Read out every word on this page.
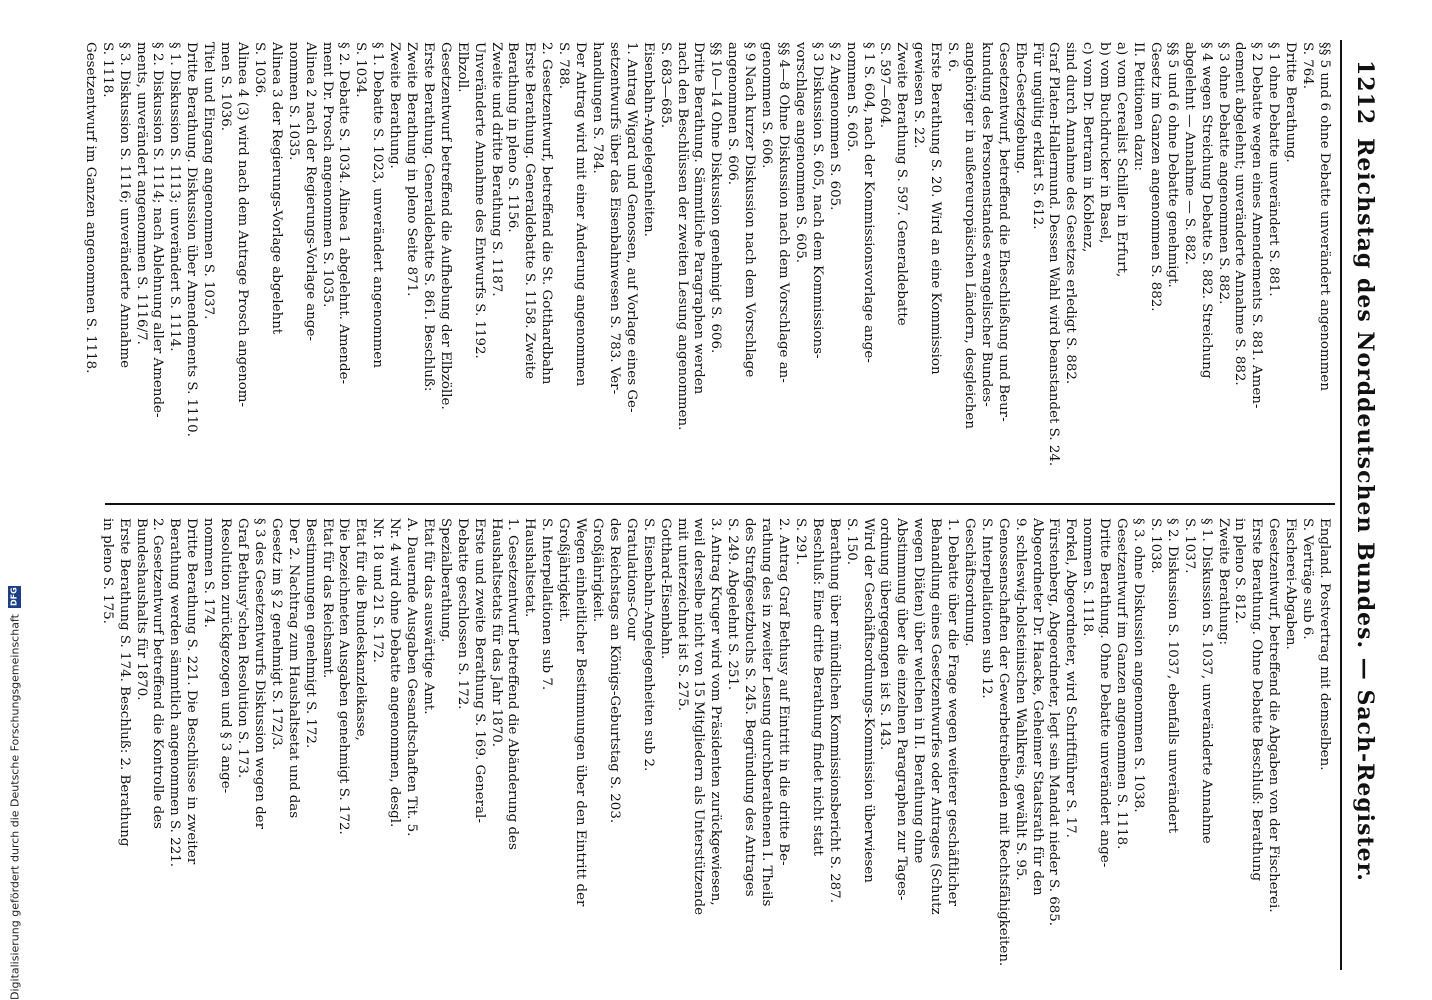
1212
Reichstag des Norddeutschen Bundes. — Sach-Register.
§§ 5 und 6 ohne Debatte unverändert angenommen
S. 764.
Dritte Berathung.
§ 1 ohne Debatte unverändert S. 881.
§ 2 Debatte wegen eines Amendements S. 881. Amen-
dement abgelehnt; unveränderte Annahme S. 882.
§ 3 ohne Debatte angenommen S. 882.
§ 4 wegen Streichung Debatte S. 882. Streichung
abgelehnt — Annahme — S. 882.
§§ 5 und 6 ohne Debatte genehmigt.
Gesetz im Ganzen angenommen S. 882.
II. Petitionen dazu:
a) vom Cerealist Schiller in Erfurt,
b) vom Buchdrucker in Basel,
c) vom Dr. Bertram in Koblenz,
sind durch Annahme des Gesetzes erledigt S. 882.
Graf Platen-Hallermund. Dessen Wahl wird beanstandet S. 24.
Für ungültig erklärt S. 612.
Ehe-Gesetzgebung.
Gesetzentwurf, betreffend die Eheschließung und Beur-
kundung des Personenstandes evangelischer Bundes-
angehöriger in außereuropäischen Ländern, desgleichen
S. 6.
Erste Berathung S. 20. Wird an eine Kommission
gewiesen S. 22.
Zweite Berathung S. 597. Generaldebatte
S. 597—604.
§ 1 S. 604, nach der Kommissionsvorlage ange-
nommen S. 605.
§ 2 Angenommen S. 605.
§ 3 Diskussion S. 605, nach dem Kommissions-
vorschlage angenommen S. 605.
§§ 4—8 Ohne Diskussion nach dem Vorschlage an-
genommen S. 606.
§ 9 Nach kurzer Diskussion nach dem Vorschlage
angenommen S. 606.
§§ 10—14 Ohne Diskussion genehmigt S. 606.
Dritte Berathung. Sämmtliche Paragraphen werden
nach den Beschlüssen der zweiten Lesung angenommen.
S. 683—685.
Eisenbahn-Angelegenheiten.
1. Antrag Wigard und Genossen, auf Vorlage eines Ge-
setzentwurfs über das Eisenbahnwesen S. 783. Ver-
handlungen S. 784.
Der Antrag wird mit einer Änderung angenommen
S. 788.
2. Gesetzentwurf, betreffend die St. Gotthardbahn
Erste Berathung. Generaldebatte S. 1158. Zweite
Berathung in pleno S. 1156.
Zweite und dritte Berathung S. 1187.
Unveränderte Annahme des Entwurfs S. 1192.
Elbzoll.
Gesetzentwurf betreffend die Aufhebung der Elbzölle.
Erste Berathung. Generaldebatte S. 861. Beschluß:
Zweite Berathung in pleno Seite 871.
Zweite Berathung.
§ 1. Debatte S. 1023, unverändert angenommen
S. 1034.
§ 2. Debatte S. 1034. Alinea 1 abgelehnt. Amende-
ment Dr. Prosch angenommen S. 1035.
Alinea 2 nach der Regierungs-Vorlage ange-
nommen S. 1035.
Alinea 3 der Regierungs-Vorlage abgelehnt
S. 1036.
Alinea 4 (3) wird nach dem Antrage Prosch angenom-
men S. 1036.
Titel und Eingang angenommen S. 1037.
Dritte Berathung. Diskussion über Amendements S. 1110.
§ 1. Diskussion S. 1113; unverändert S. 1114.
§ 2. Diskussion S. 1114; nach Ablehnung aller Amende-
ments, unverändert angenommen S. 1116/7.
§ 3. Diskussion S. 1116; unveränderte Annahme
S. 1118.
Gesetzentwurf im Ganzen angenommen S. 1118.
England. Postvertrag mit demselben.
S. Verträge sub 6.
Fischerei-Abgaben.
Gesetzentwurf, betreffend die Abgaben von der Fischerei.
Erste Berathung. Ohne Debatte Beschluß: Berathung
in pleno S. 812.
Zweite Berathung:
§ 1. Diskussion S. 1037, unveränderte Annahme
S. 1037.
§ 2. Diskussion S. 1037, ebenfalls unverändert
S. 1038.
§ 3. ohne Diskussion angenommen S. 1038.
Gesetzentwurf im Ganzen angenommen S. 1118.
Dritte Berathung. Ohne Debatte unverändert ange-
nommen S. 1118.
Forkel, Abgeordneter, wird Schriftführer S. 17.
Fürstenberg, Abgeordneter, legt sein Mandat nieder S. 685.
Abgeordneter Dr. Haacke, Geheimer Staatsrath für den
9. schleswig-holsteinischen Wahlkreis, gewählt S. 95.
Genossenschaften der Gewerbetreibenden mit Rechtsfähigkeiten.
S. Interpellationen sub 12.
Geschäftsordnung.
1. Debatte über die Frage wegen weiterer geschäftlicher
Behandlung eines Gesetzentwurfes oder Antrages (Schutz
wegen Diäten) über welchen in II. Berathung ohne
Abstimmung über die einzelnen Paragraphen zur Tages-
ordnung übergegangen ist S. 143.
Wird der Geschäftsordnungs-Kommission überwiesen
S. 150.
Berathung über mündlichen Kommissionsbericht S. 287.
Beschluß: Eine dritte Berathung findet nicht statt
S. 291.
2. Antrag Graf Bethusy auf Eintritt in die dritte Be-
rathung des in zweiter Lesung durchberathenen I. Theils
des Strafgesetzbuchs S. 245. Begründung des Antrages
S. 249. Abgelehnt S. 251.
3. Antrag Kruger wird vom Präsidenten zurückgewiesen,
weil derselbe nicht von 15 Mitgliedern als Unterstützende
mit unterzeichnet ist S. 275.
Gotthard-Eisenbahn.
S. Eisenbahn-Angelegenheiten sub 2.
Gratulations-Cour
des Reichstags an Königs-Geburtstag S. 203.
Großjährigkeit.
Wegen einheitlicher Bestimmungen über den Eintritt der
Großjährigkeit.
S. Interpellationen sub 7.
Haushaltsetat.
1. Gesetzentwurf betreffend die Abänderung des
Haushaltsetats für das Jahr 1870.
Erste und zweite Berathung S. 169. General-
Debatte geschlossen S. 172.
Spezialberathung.
Etat für das auswärtige Amt.
A. Dauernde Ausgaben Gesandtschaften Tit. 5.
Nr. 4 wird ohne Debatte angenommen, desgl.
Nr. 18 und 21 S. 172.
Etat für die Bundeskanzleikasse,
Die bezeichneten Ausgaben genehmigt S. 172.
Etat für das Reichsamt.
Bestimmungen genehmigt S. 172.
Der 2. Nachtrag zum Haushaltsetat und das
Gesetz im § 2 genehmigt S. 172/3.
§ 3 des Gesetzentwurfs Diskussion wegen der
Graf Bethusy'schen Resolution S. 173.
Resolution zurückgezogen und § 3 ange-
nommen S. 174.
Dritte Berathung S. 221. Die Beschlüsse in zweiter
Berathung werden sämmtlich angenommen S. 221.
2. Gesetzentwurf betreffend die Kontrolle des
Bundeshaushalts für 1870.
Erste Berathung S. 174. Beschluß: 2. Berathung
in pleno S. 175.
Digitalisierung gefördert durch die Deutsche Forschungsgemeinschaft
DFG
